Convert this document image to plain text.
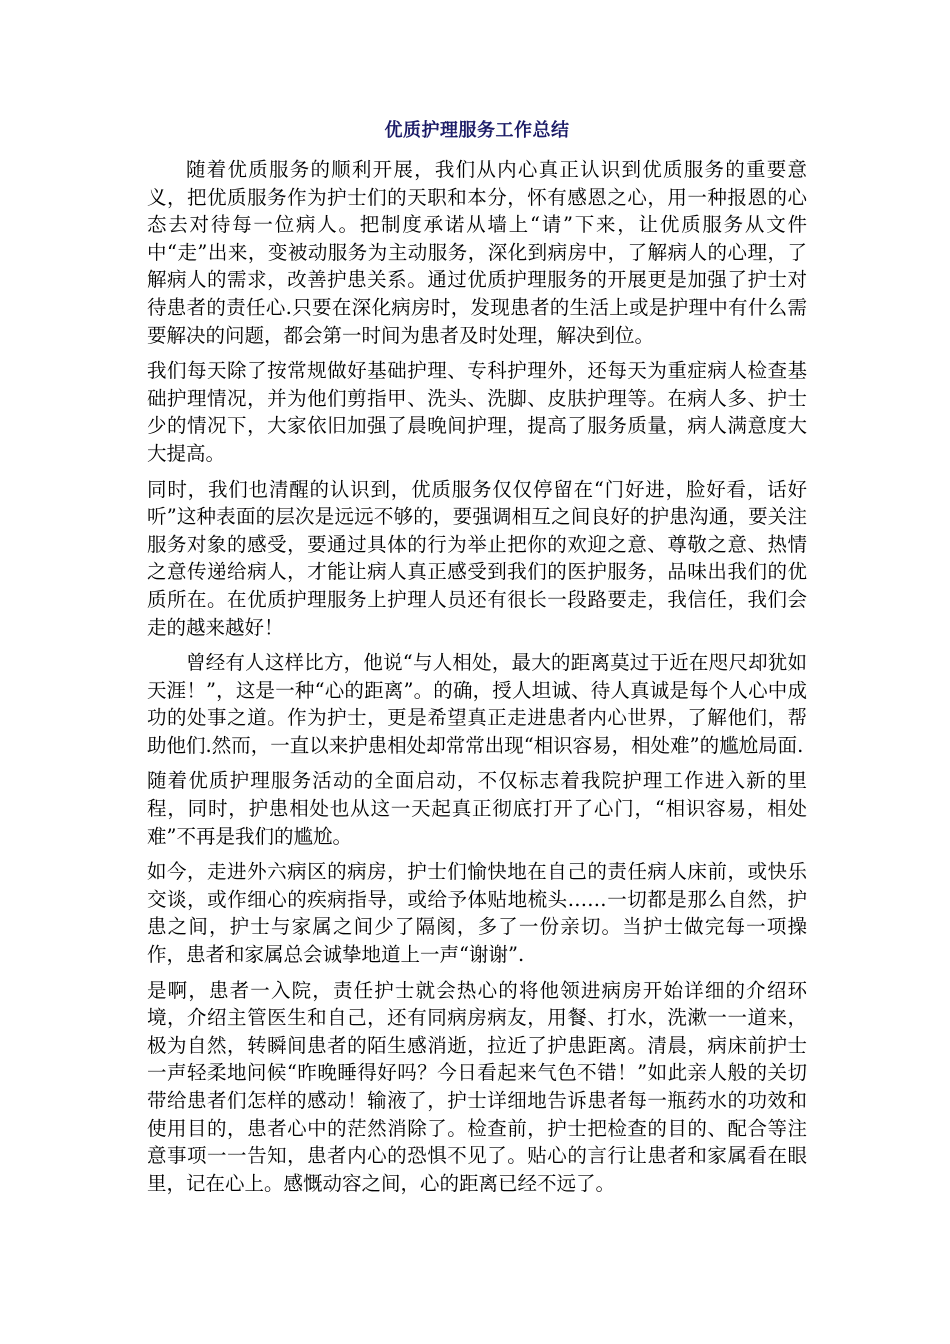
优质护理服务工作总结

随着优质服务的顺利开展，我们从内心真正认识到优质服务的重要意义，把优质服务作为护士们的天职和本分，怀有感恩之心，用一种报恩的心态去对待每一位病人。把制度承诺从墙上“请”下来，让优质服务从文件中“走”出来，变被动服务为主动服务，深化到病房中，了解病人的心理，了解病人的需求，改善护患关系。通过优质护理服务的开展更是加强了护士对待患者的责任心.只要在深化病房时，发现患者的生活上或是护理中有什么需要解决的问题，都会第一时间为患者及时处理，解决到位。

我们每天除了按常规做好基础护理、专科护理外，还每天为重症病人检查基础护理情况，并为他们剪指甲、洗头、洗脚、皮肤护理等。在病人多、护士少的情况下，大家依旧加强了晨晚间护理，提高了服务质量，病人满意度大大提高。

同时，我们也清醒的认识到，优质服务仅仅停留在“门好进，脸好看，话好听”这种表面的层次是远远不够的，要强调相互之间良好的护患沟通，要关注服务对象的感受，要通过具体的行为举止把你的欢迎之意、尊敬之意、热情之意传递给病人，才能让病人真正感受到我们的医护服务，品味出我们的优质所在。在优质护理服务上护理人员还有很长一段路要走，我信任，我们会走的越来越好！

曾经有人这样比方，他说“与人相处，最大的距离莫过于近在咫尺却犹如天涯！”，这是一种“心的距离”。的确，授人坦诚、待人真诚是每个人心中成功的处事之道。作为护士，更是希望真正走进患者内心世界，了解他们，帮助他们.然而，一直以来护患相处却常常出现“相识容易，相处难”的尴尬局面.

随着优质护理服务活动的全面启动，不仅标志着我院护理工作进入新的里程，同时，护患相处也从这一天起真正彻底打开了心门，“相识容易，相处难”不再是我们的尴尬。

如今，走进外六病区的病房，护士们愉快地在自己的责任病人床前，或快乐交谈，或作细心的疾病指导，或给予体贴地梳头……一切都是那么自然，护患之间，护士与家属之间少了隔阂，多了一份亲切。当护士做完每一项操作，患者和家属总会诚挚地道上一声“谢谢”.

是啊，患者一入院，责任护士就会热心的将他领进病房开始详细的介绍环境，介绍主管医生和自己，还有同病房病友，用餐、打水，洗漱一一道来，极为自然，转瞬间患者的陌生感消逝，拉近了护患距离。清晨，病床前护士一声轻柔地问候“昨晚睡得好吗？今日看起来气色不错！”如此亲人般的关切带给患者们怎样的感动！输液了，护士详细地告诉患者每一瓶药水的功效和使用目的，患者心中的茫然消除了。检查前，护士把检查的目的、配合等注意事项一一告知，患者内心的恐惧不见了。贴心的言行让患者和家属看在眼里，记在心上。感慨动容之间，心的距离已经不远了。
